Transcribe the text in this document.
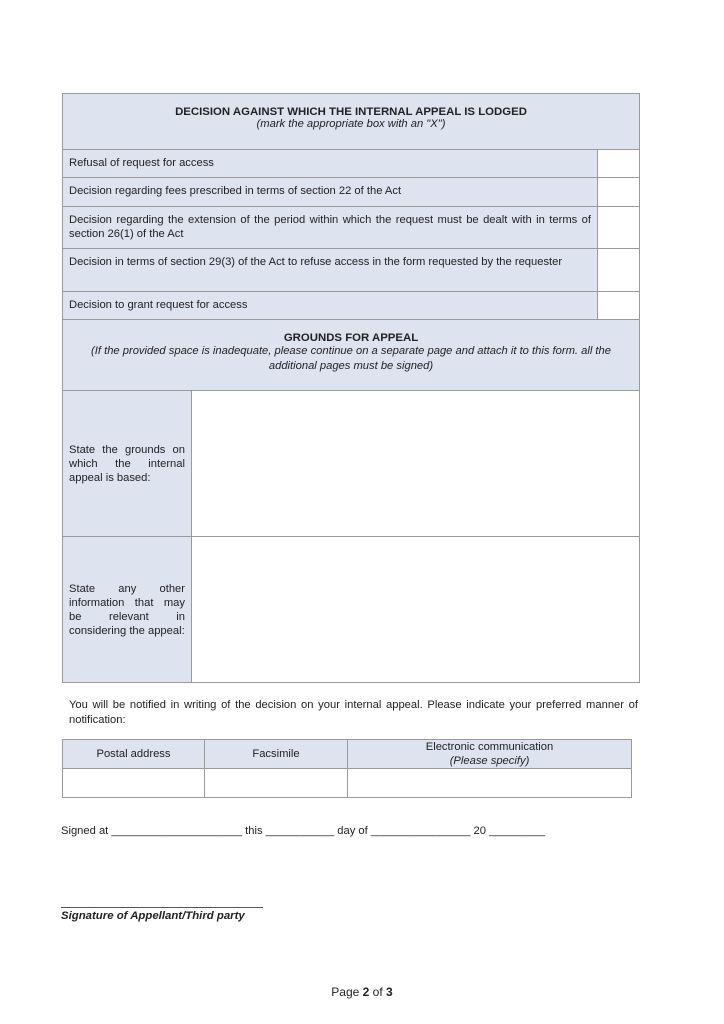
DECISION AGAINST WHICH THE INTERNAL APPEAL IS LODGED
(mark the appropriate box with an "X")		

Refusal of request for access		
Decision regarding fees prescribed in terms of section 22 of the Act		
Decision regarding the extension of the period within which the request must be dealt with in terms of section 26(1) of the Act		
Decision in terms of section 29(3) of the Act to refuse access in the form requested by the requester		
Decision to grant request for access		

GROUNDS FOR APPEAL
(If the provided space is inadequate, please continue on a separate page and attach it to this form. all the additional pages must be signed)		

State the grounds on which the internal appeal is based:		

State any other information that may be relevant in considering the appeal:		

You will be notified in writing of the decision on your internal appeal. Please indicate your preferred manner of notification:
Postal address	Facsimile	Electronic communication
(Please specify)

Signed at _____________________ this ___________ day of ________________ 20 _________
Signature of Appellant/Third party
Page 2 of 3
